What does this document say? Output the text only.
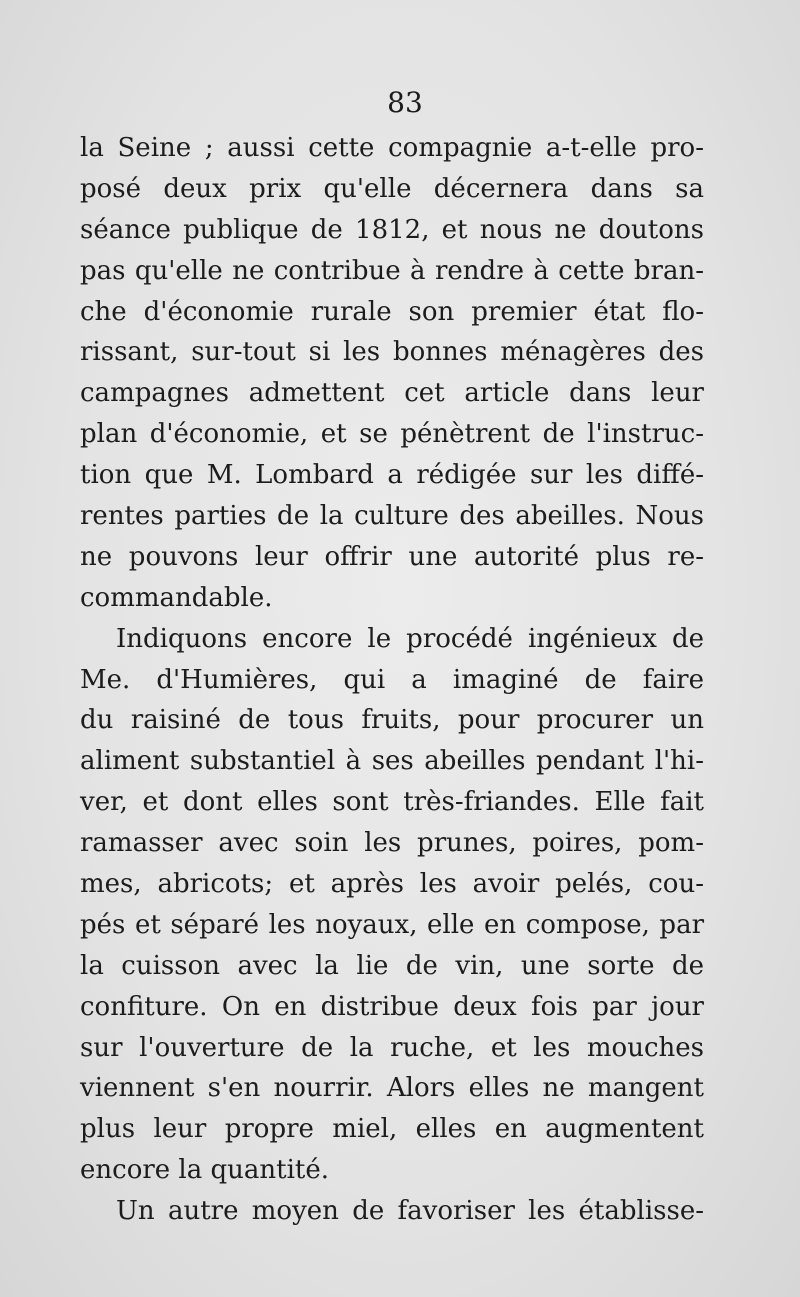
83
la Seine ; aussi cette compagnie a-t-elle pro-
posé deux prix qu'elle décernera dans sa
séance publique de 1812, et nous ne doutons
pas qu'elle ne contribue à rendre à cette bran-
che d'économie rurale son premier état flo-
rissant, sur-tout si les bonnes ménagères des
campagnes admettent cet article dans leur
plan d'économie, et se pénètrent de l'instruc-
tion que M. Lombard a rédigée sur les diffé-
rentes parties de la culture des abeilles. Nous
ne pouvons leur offrir une autorité plus re-
commandable.
Indiquons encore le procédé ingénieux de
Me. d'Humières, qui a imaginé de faire
du raisiné de tous fruits, pour procurer un
aliment substantiel à ses abeilles pendant l'hi-
ver, et dont elles sont très-friandes. Elle fait
ramasser avec soin les prunes, poires, pom-
mes, abricots; et après les avoir pelés, cou-
pés et séparé les noyaux, elle en compose, par
la cuisson avec la lie de vin, une sorte de
confiture. On en distribue deux fois par jour
sur l'ouverture de la ruche, et les mouches
viennent s'en nourrir. Alors elles ne mangent
plus leur propre miel, elles en augmentent
encore la quantité.
Un autre moyen de favoriser les établisse-
